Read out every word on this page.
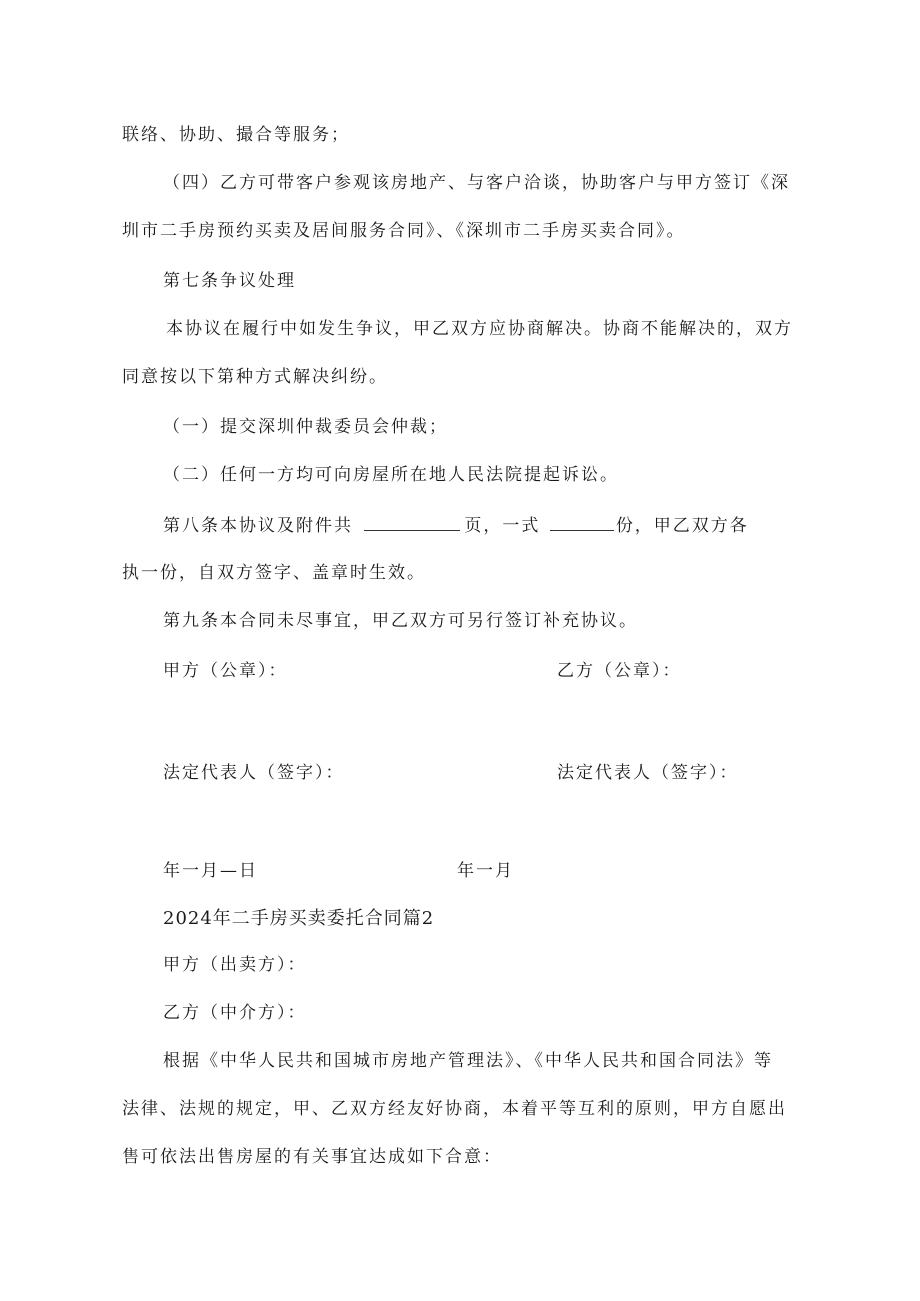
联络、协助、撮合等服务；
（四）乙方可带客户参观该房地产、与客户洽谈，协助客户与甲方签订《深
圳市二手房预约买卖及居间服务合同》、《深圳市二手房买卖合同》。
第七条争议处理
本协议在履行中如发生争议，甲乙双方应协商解决。协商不能解决的，双方
同意按以下第种方式解决纠纷。
（一）提交深圳仲裁委员会仲裁；
（二）任何一方均可向房屋所在地人民法院提起诉讼。
第八条本协议及附件共	页，一式	份，甲乙双方各
执一份，自双方签字、盖章时生效。
第九条本合同未尽事宜，甲乙双方可另行签订补充协议。
甲方（公章）：	乙方（公章）：
法定代表人（签字）：	法定代表人（签字）：
年一月—日	年一月
2024年二手房买卖委托合同篇2
甲方（出卖方）：
乙方（中介方）：
根据《中华人民共和国城市房地产管理法》、《中华人民共和国合同法》等
法律、法规的规定，甲、乙双方经友好协商，本着平等互利的原则，甲方自愿出
售可依法出售房屋的有关事宜达成如下合意：
